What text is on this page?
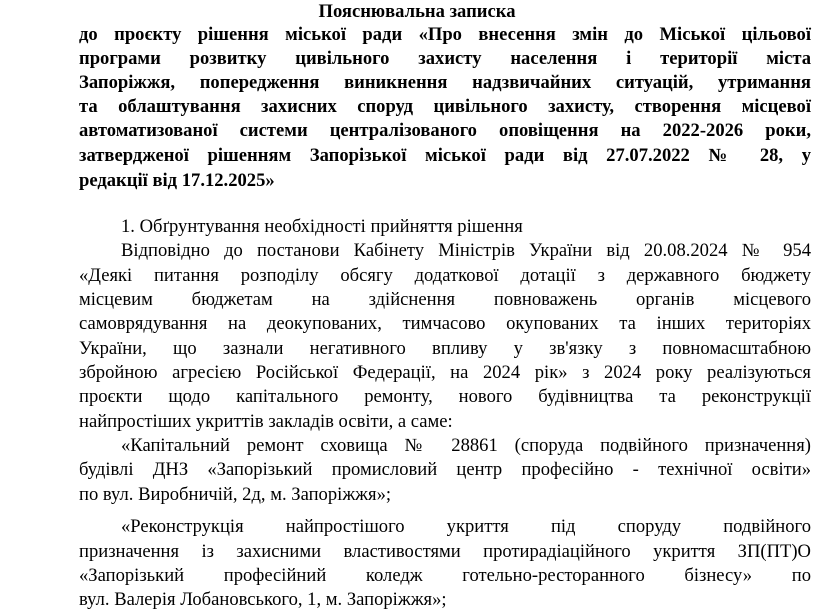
Пояснювальна записка
до проєкту рішення міської ради «Про внесення змін до Міської цільової
програми розвитку цивільного захисту населення і території міста
Запоріжжя, попередження виникнення надзвичайних ситуацій, утримання
та облаштування захисних споруд цивільного захисту, створення місцевої
автоматизованої системи централізованого оповіщення на 2022-2026 роки,
затвердженої рішенням Запорізької міської ради від 27.07.2022 № 28, у
редакції від 17.12.2025»
1. Обґрунтування необхідності прийняття рішення
Відповідно до постанови Кабінету Міністрів України від 20.08.2024 № 954
«Деякі питання розподілу обсягу додаткової дотації з державного бюджету
місцевим бюджетам на здійснення повноважень органів місцевого
самоврядування на деокупованих, тимчасово окупованих та інших територіях
України, що зазнали негативного впливу у зв'язку з повномасштабною
збройною агресією Російської Федерації, на 2024 рік» з 2024 року реалізуються
проєкти щодо капітального ремонту, нового будівництва та реконструкції
найпростіших укриттів закладів освіти, а саме:
«Капітальний ремонт сховища № 28861 (споруда подвійного призначення)
будівлі ДНЗ «Запорізький промисловий центр професійно - технічної освіти»
по вул. Виробничій, 2д, м. Запоріжжя»;
«Реконструкція найпростішого укриття під споруду подвійного
призначення із захисними властивостями протирадіаційного укриття ЗП(ПТ)О
«Запорізький професійний коледж готельно-ресторанного бізнесу» по
вул. Валерія Лобановського, 1, м. Запоріжжя»;
